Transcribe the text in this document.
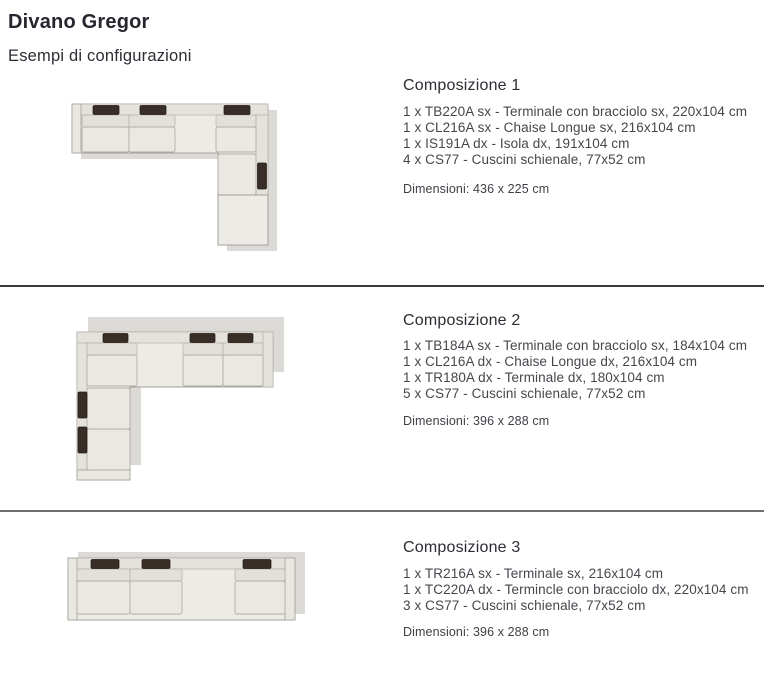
Divano Gregor
Esempi di configurazioni
Composizione 1

1 x TB220A sx - Terminale con bracciolo sx, 220x104 cm

1 x CL216A sx - Chaise Longue sx, 216x104 cm

1 x IS191A dx - Isola dx, 191x104 cm

4 x CS77 - Cuscini schienale, 77x52 cm

Dimensioni: 436 x 225 cm
Composizione 2

1 x TB184A sx - Terminale con bracciolo sx, 184x104 cm

1 x CL216A dx - Chaise Longue dx, 216x104 cm

1 x TR180A dx - Terminale dx, 180x104 cm

5 x CS77 - Cuscini schienale, 77x52 cm

Dimensioni: 396 x 288 cm
Composizione 3

1 x TR216A sx - Terminale sx, 216x104 cm

1 x TC220A dx - Termincle con bracciolo dx, 220x104 cm

3 x CS77 - Cuscini schienale, 77x52 cm

Dimensioni: 396 x 288 cm
